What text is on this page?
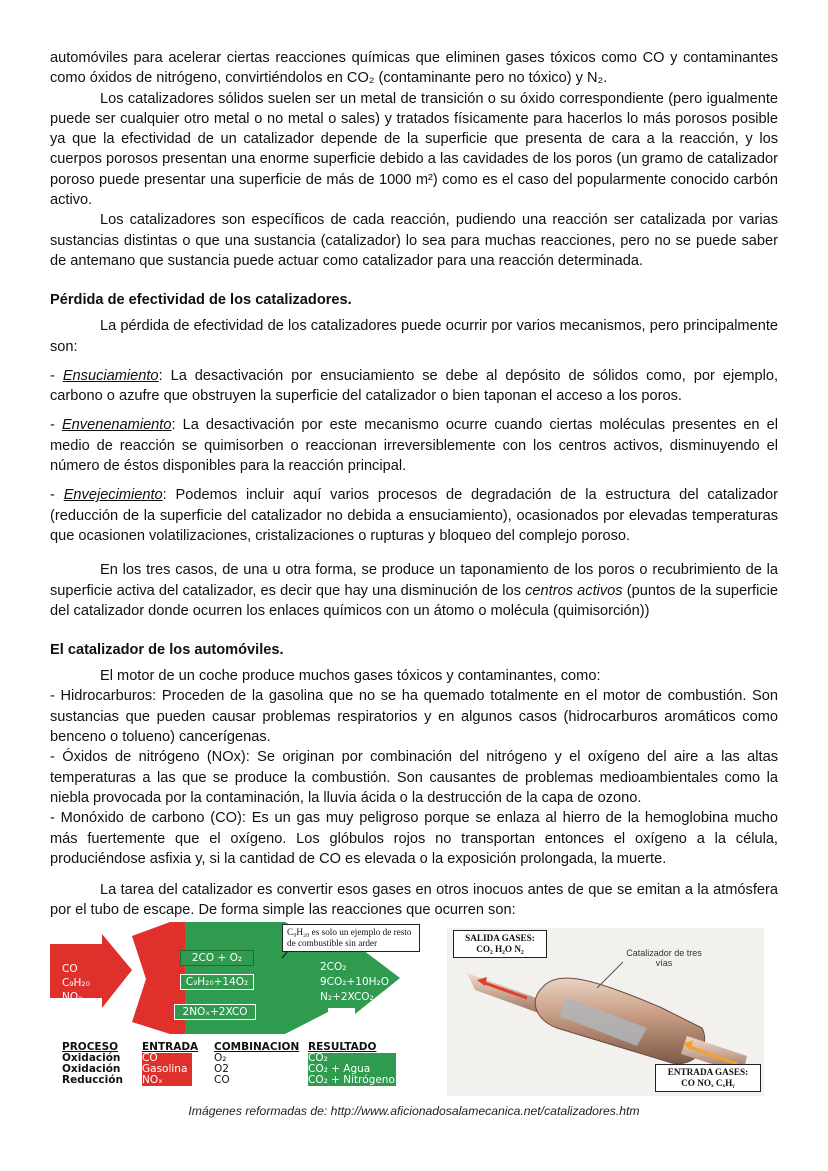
automóviles para acelerar ciertas reacciones químicas que eliminen gases tóxicos como CO y contaminantes como óxidos de nitrógeno, convirtiéndolos en CO₂ (contaminante pero no tóxico) y N₂.

Los catalizadores sólidos suelen ser un metal de transición o su óxido correspondiente (pero igualmente puede ser cualquier otro metal o no metal o sales) y tratados físicamente para hacerlos lo más porosos posible ya que la efectividad de un catalizador depende de la superficie que presenta de cara a la reacción, y los cuerpos porosos presentan una enorme superficie debido a las cavidades de los poros (un gramo de catalizador poroso puede presentar una superficie de más de 1000 m²) como es el caso del popularmente conocido carbón activo.

Los catalizadores son específicos de cada reacción, pudiendo una reacción ser catalizada por varias sustancias distintas o que una sustancia (catalizador) lo sea para muchas reacciones, pero no se puede saber de antemano que sustancia puede actuar como catalizador para una reacción determinada.

Pérdida de efectividad de los catalizadores.

La pérdida de efectividad de los catalizadores puede ocurrir por varios mecanismos, pero principalmente son:

- Ensuciamiento: La desactivación por ensuciamiento se debe al depósito de sólidos como, por ejemplo, carbono o azufre que obstruyen la superficie del catalizador o bien taponan el acceso a los poros.

- Envenenamiento: La desactivación por este mecanismo ocurre cuando ciertas moléculas presentes en el medio de reacción se quimisorben o reaccionan irreversiblemente con los centros activos, disminuyendo el número de éstos disponibles para la reacción principal.

- Envejecimiento: Podemos incluir aquí varios procesos de degradación de la estructura del catalizador (reducción de la superficie del catalizador no debida a ensuciamiento), ocasionados por elevadas temperaturas que ocasionen volatilizaciones, cristalizaciones o rupturas y bloqueo del complejo poroso.

En los tres casos, de una u otra forma, se produce un taponamiento de los poros o recubrimiento de la superficie activa del catalizador, es decir que hay una disminución de los centros activos (puntos de la superficie del catalizador donde ocurren los enlaces químicos con un átomo o molécula (quimisorción))

El catalizador de los automóviles.

El motor de un coche produce muchos gases tóxicos y contaminantes, como:

- Hidrocarburos: Proceden de la gasolina que no se ha quemado totalmente en el motor de combustión. Son sustancias que pueden causar problemas respiratorios y en algunos casos (hidrocarburos aromáticos como benceno o tolueno) cancerígenas.

- Óxidos de nitrógeno (NOx): Se originan por combinación del nitrógeno y el oxígeno del aire a las altas temperaturas a las que se produce la combustión. Son causantes de problemas medioambientales como la niebla provocada por la contaminación, la lluvia ácida o la destrucción de la capa de ozono.

- Monóxido de carbono (CO): Es un gas muy peligroso porque se enlaza al hierro de la hemoglobina mucho más fuertemente que el oxígeno. Los glóbulos rojos no transportan entonces el oxígeno a la célula, produciéndose asfixia y, si la cantidad de CO es elevada o la exposición prolongada, la muerte.

La tarea del catalizador es convertir esos gases en otros inocuos antes de que se emitan a la atmósfera por el tubo de escape. De forma simple las reacciones que ocurren son:

CO
C₉H₂₀
NOₓ
2CO + O₂
C₉H₂₀+14O₂
2NOₓ+2XCO
2CO₂
9CO₂+10H₂O
N₂+2XCO₂
C₉H₂₀ es solo un ejemplo de resto de combustible sin arder
PROCESO
Oxidación
Oxidación
Reducción
ENTRADA
CO
Gasolina
NOₓ
COMBINACION
O₂
O2
CO
RESULTADO
CO₂
CO₂ + Agua
CO₂ + Nitrógeno
SALIDA GASES:
CO₂ H₂O N₂	Catalizador de tres vías
ENTRADA GASES:
CO NOₓ CₓHᵧ
Imágenes reformadas de: http://www.aficionadosalamecanica.net/catalizadores.htm
